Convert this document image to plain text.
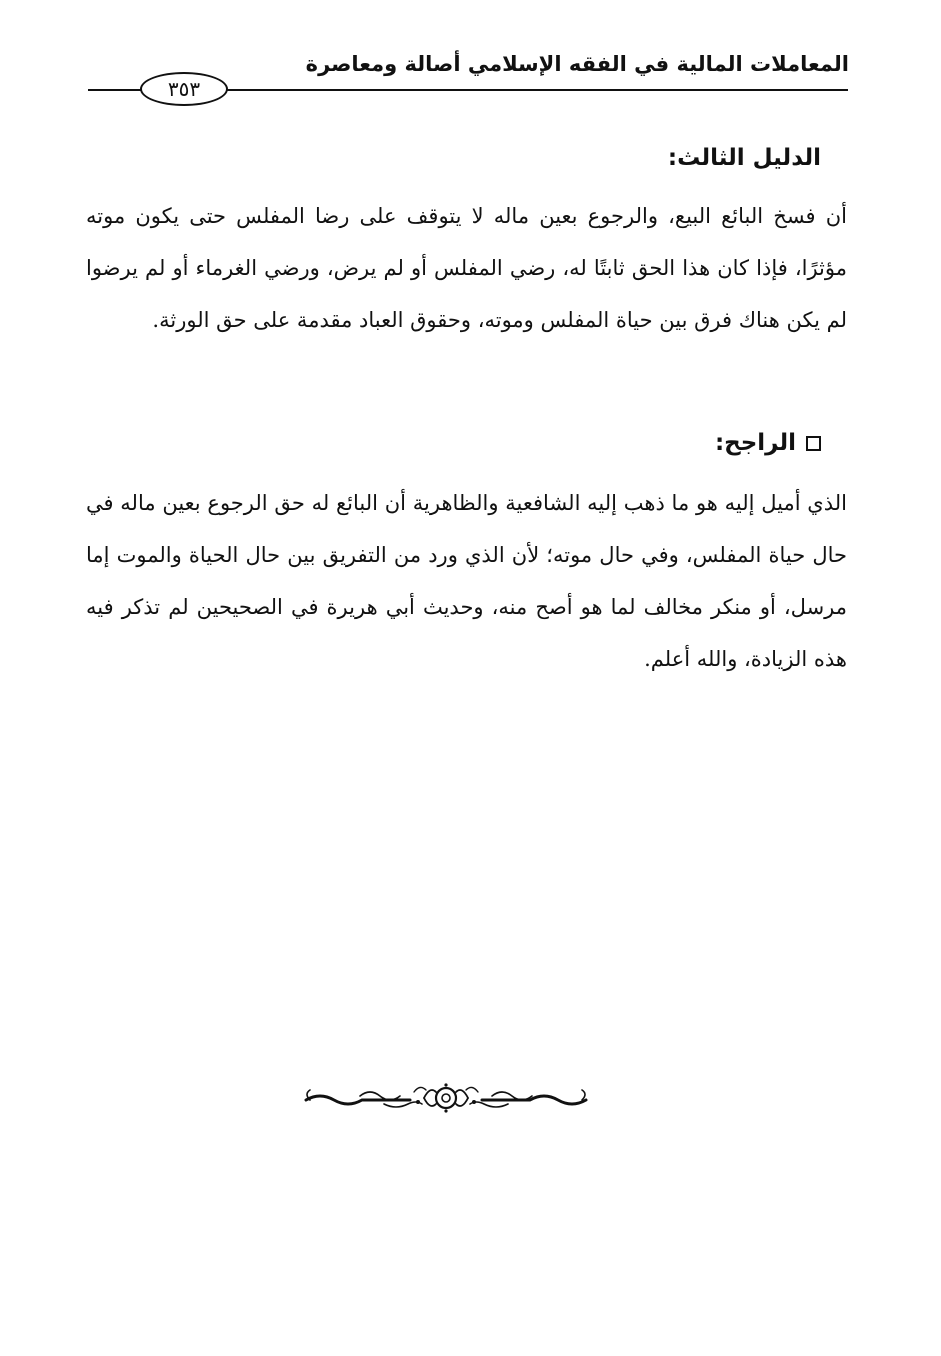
المعاملات المالية في الفقه الإسلامي أصالة ومعاصرة
٣٥٣
الدليل الثالث:

أن فسخ البائع البيع، والرجوع بعين ماله لا يتوقف على رضا المفلس حتى يكون موته مؤثرًا، فإذا كان هذا الحق ثابتًا له، رضي المفلس أو لم يرض، ورضي الغرماء أو لم يرضوا لم يكن هناك فرق بين حياة المفلس وموته، وحقوق العباد مقدمة على حق الورثة.

الراجح:

الذي أميل إليه هو ما ذهب إليه الشافعية والظاهرية أن البائع له حق الرجوع بعين ماله في حال حياة المفلس، وفي حال موته؛ لأن الذي ورد من التفريق بين حال الحياة والموت إما مرسل، أو منكر مخالف لما هو أصح منه، وحديث أبي هريرة في الصحيحين لم تذكر فيه هذه الزيادة، والله أعلم.
